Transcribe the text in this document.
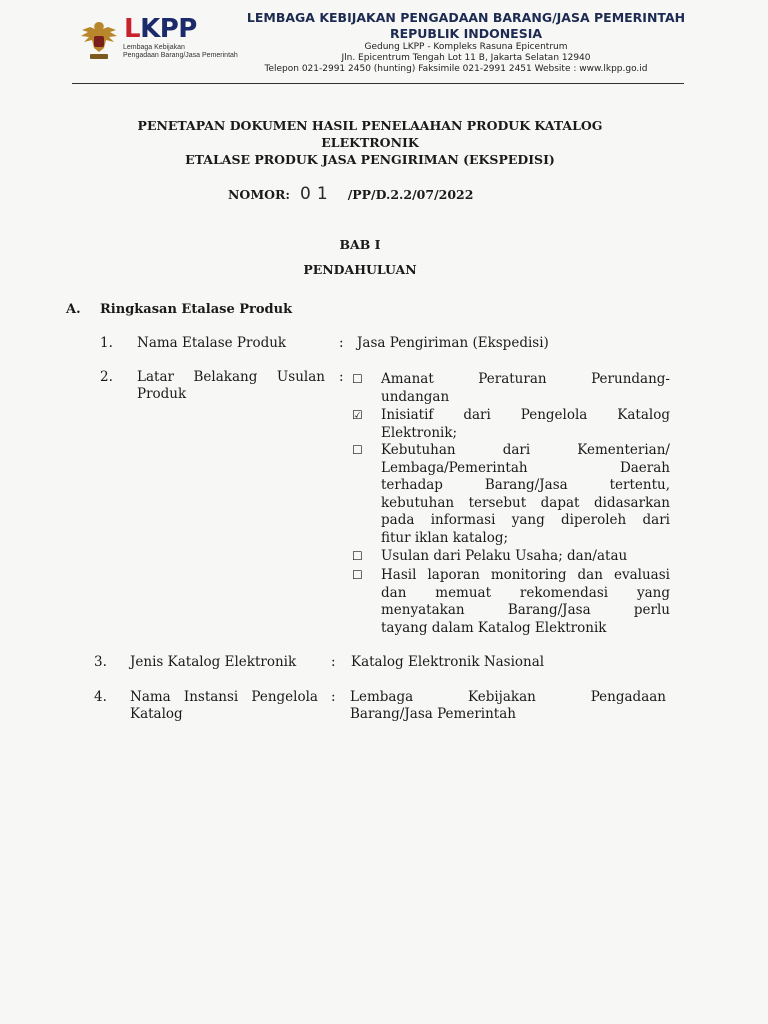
LKPP
Lembaga Kebijakan
Pengadaan Barang/Jasa Pemerintah
LEMBAGA KEBIJAKAN PENGADAAN BARANG/JASA PEMERINTAH
REPUBLIK INDONESIA
Gedung LKPP - Kompleks Rasuna Epicentrum
Jln. Epicentrum Tengah Lot 11 B, Jakarta Selatan 12940
Telepon 021-2991 2450 (hunting) Faksimile 021-2991 2451 Website : www.lkpp.go.id
PENETAPAN DOKUMEN HASIL PENELAAHAN PRODUK KATALOG
ELEKTRONIK
ETALASE PRODUK JASA PENGIRIMAN (EKSPEDISI)
NOMOR: 01 /PP/D.2.2/07/2022
BAB I
PENDAHULUAN
A. Ringkasan Etalase Produk
1. Nama Etalase Produk	: Jasa Pengiriman (Ekspedisi)
2. Latar Belakang Usulan
Produk
: ☐ Amanat	Peraturan	Perundang-
undangan
☑ Inisiatif dari Pengelola Katalog
Elektronik;
☐ Kebutuhan	dari	Kementerian/
Lembaga/Pemerintah	Daerah
terhadap	Barang/Jasa	tertentu,
kebutuhan tersebut dapat didasarkan
pada informasi yang diperoleh dari
fitur iklan katalog;
☐ Usulan dari Pelaku Usaha; dan/atau
☐ Hasil laporan monitoring dan evaluasi
dan memuat rekomendasi yang
menyatakan	Barang/Jasa	perlu
tayang dalam Katalog Elektronik
3. Jenis Katalog Elektronik	: Katalog Elektronik Nasional
4. Nama Instansi Pengelola
Katalog
: Lembaga	Kebijakan	Pengadaan
Barang/Jasa Pemerintah
